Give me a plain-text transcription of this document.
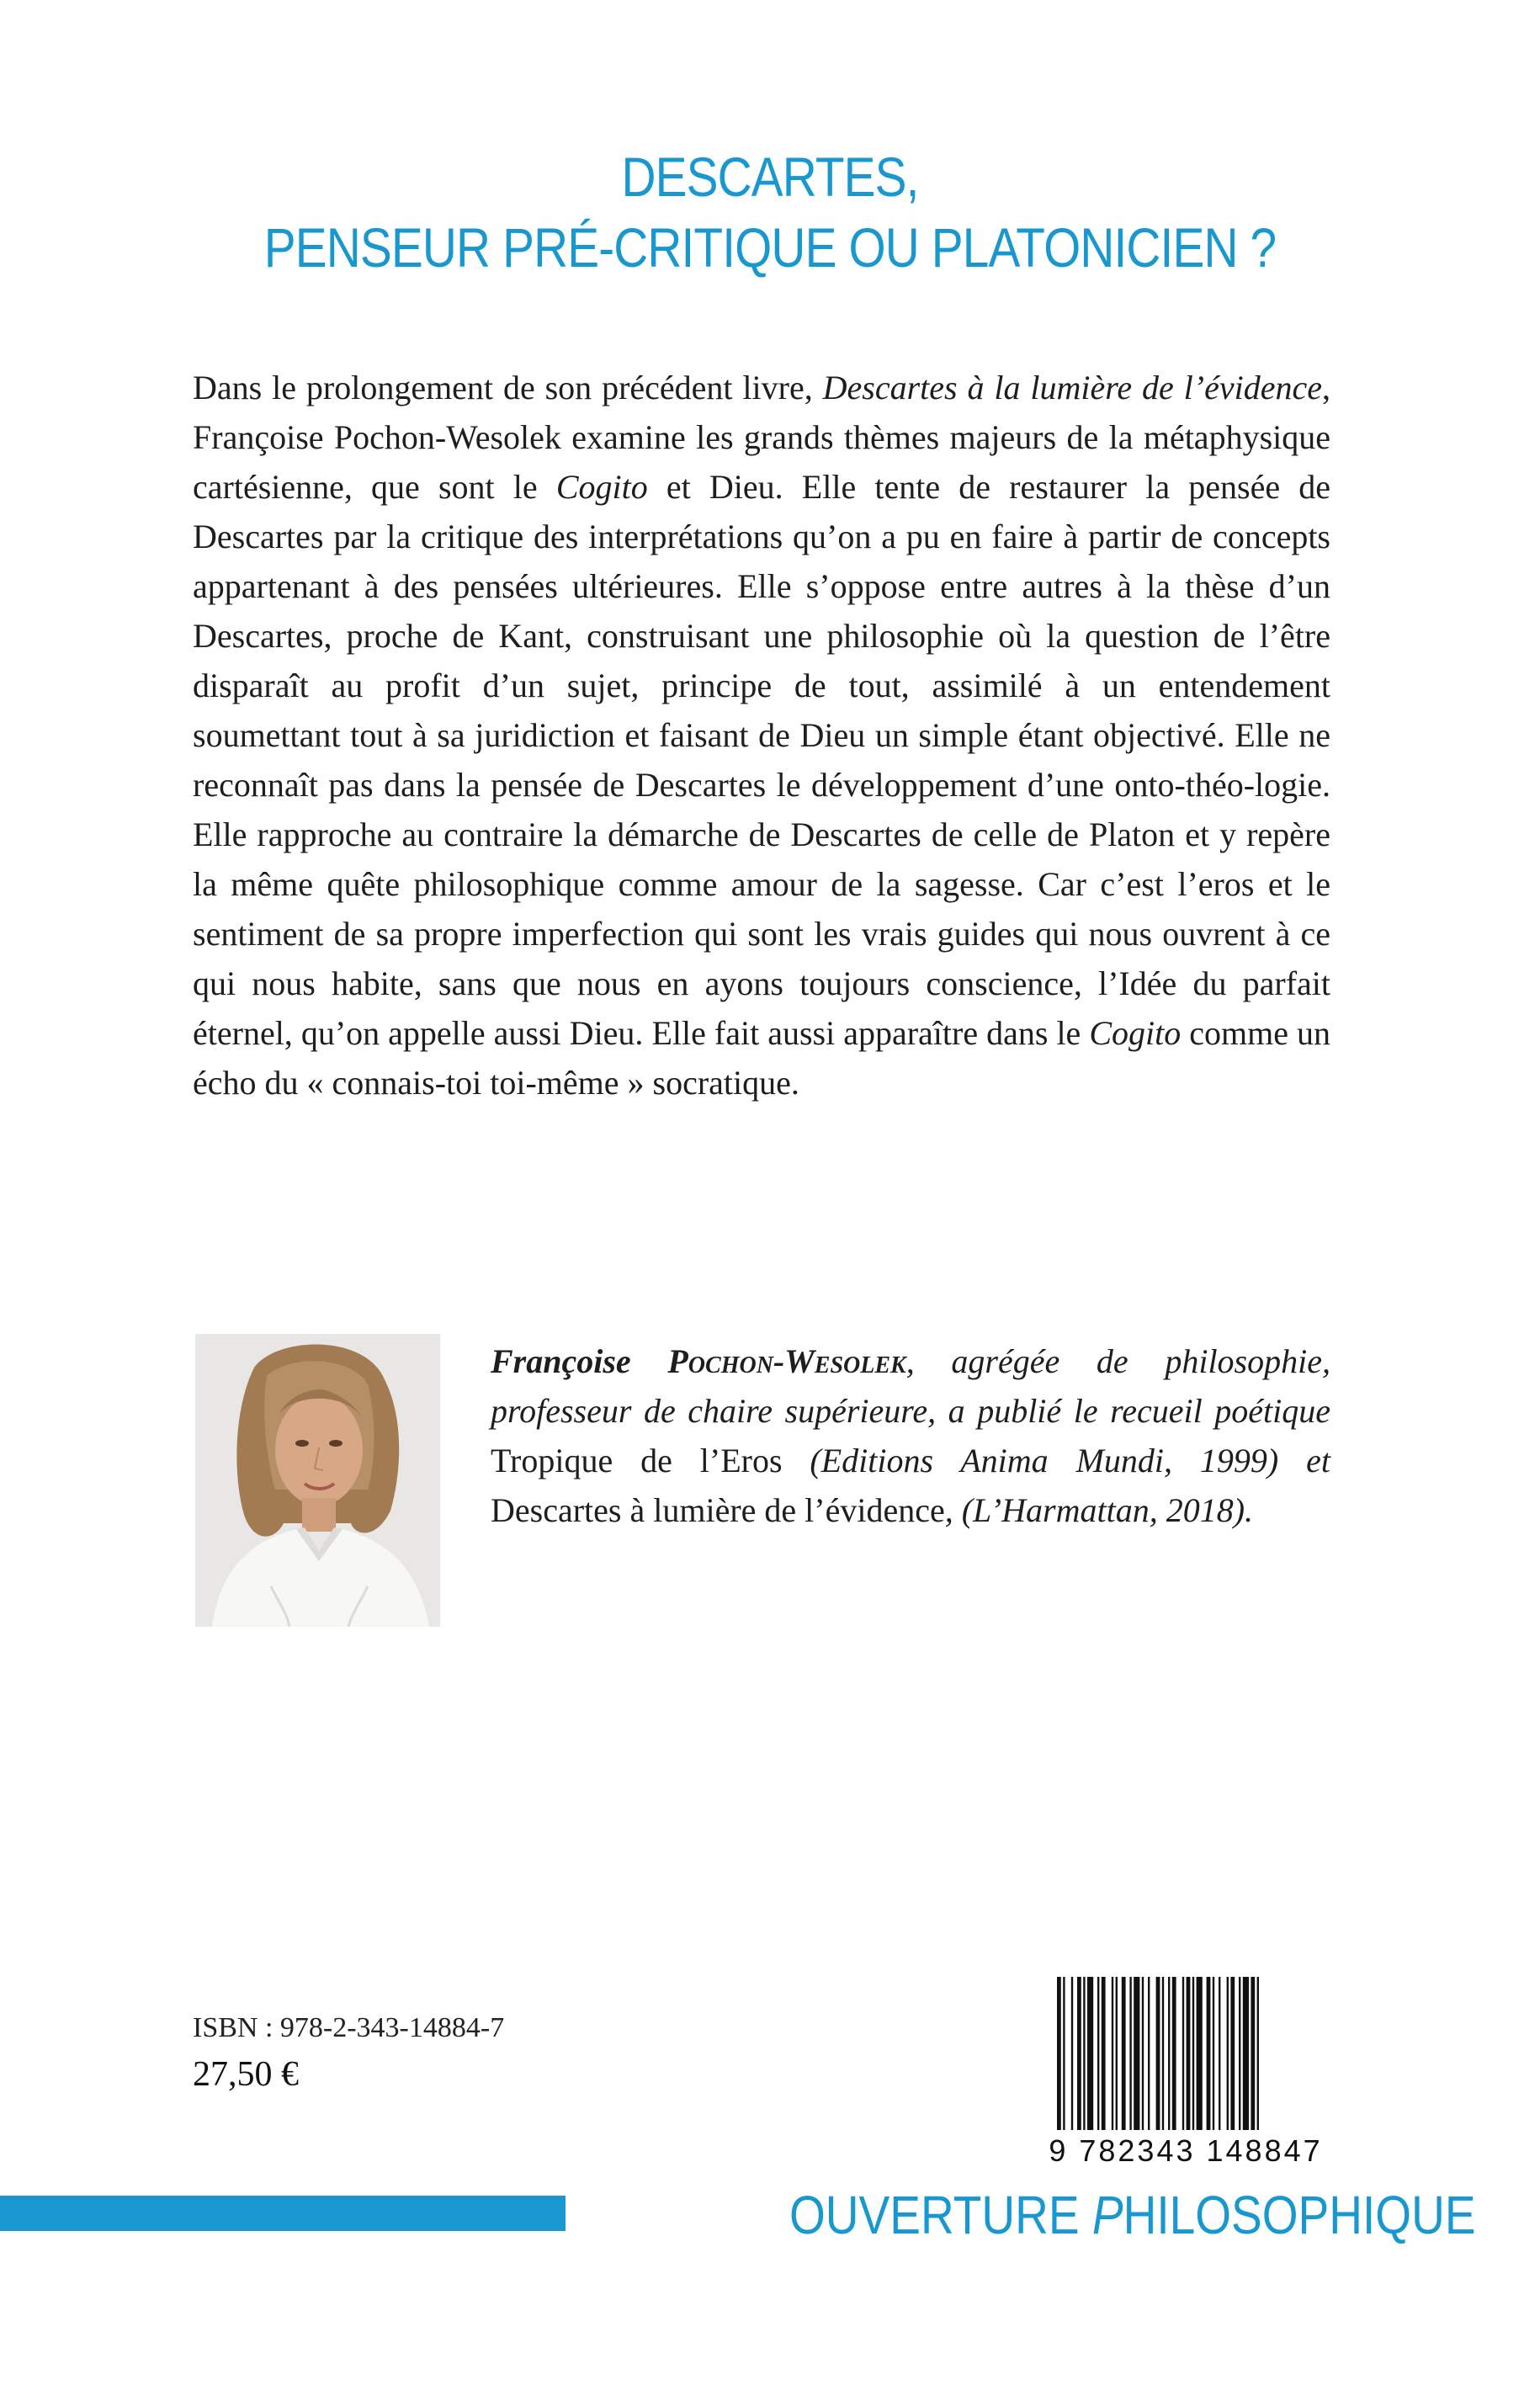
DESCARTES,
PENSEUR PRÉ-CRITIQUE OU PLATONICIEN ?

Dans le prolongement de son précédent livre, Descartes à la lumière de l’évidence, Françoise Pochon-Wesolek examine les grands thèmes majeurs de la métaphysique cartésienne, que sont le Cogito et Dieu. Elle tente de restaurer la pensée de Descartes par la critique des interprétations qu’on a pu en faire à partir de concepts appartenant à des pensées ultérieures. Elle s’oppose entre autres à la thèse d’un Descartes, proche de Kant, construisant une philosophie où la question de l’être disparaît au profit d’un sujet, principe de tout, assimilé à un entendement soumettant tout à sa juridiction et faisant de Dieu un simple étant objectivé. Elle ne reconnaît pas dans la pensée de Descartes le développement d’une onto-théo-logie. Elle rapproche au contraire la démarche de Descartes de celle de Platon et y repère la même quête philosophique comme amour de la sagesse. Car c’est l’eros et le sentiment de sa propre imperfection qui sont les vrais guides qui nous ouvrent à ce qui nous habite, sans que nous en ayons toujours conscience, l’Idée du parfait éternel, qu’on appelle aussi Dieu. Elle fait aussi apparaître dans le Cogito comme un écho du « connais-toi toi-même » socratique.

Françoise Pochon-Wesolek, agrégée de philosophie, professeur de chaire supérieure, a publié le recueil poétique Tropique de l’Eros (Editions Anima Mundi, 1999) et Descartes à lumière de l’évidence, (L’Harmattan, 2018).

ISBN : 978-2-343-14884-7
27,50 €
9 782343 148847
OUVERTURE PHILOSOPHIQUE
